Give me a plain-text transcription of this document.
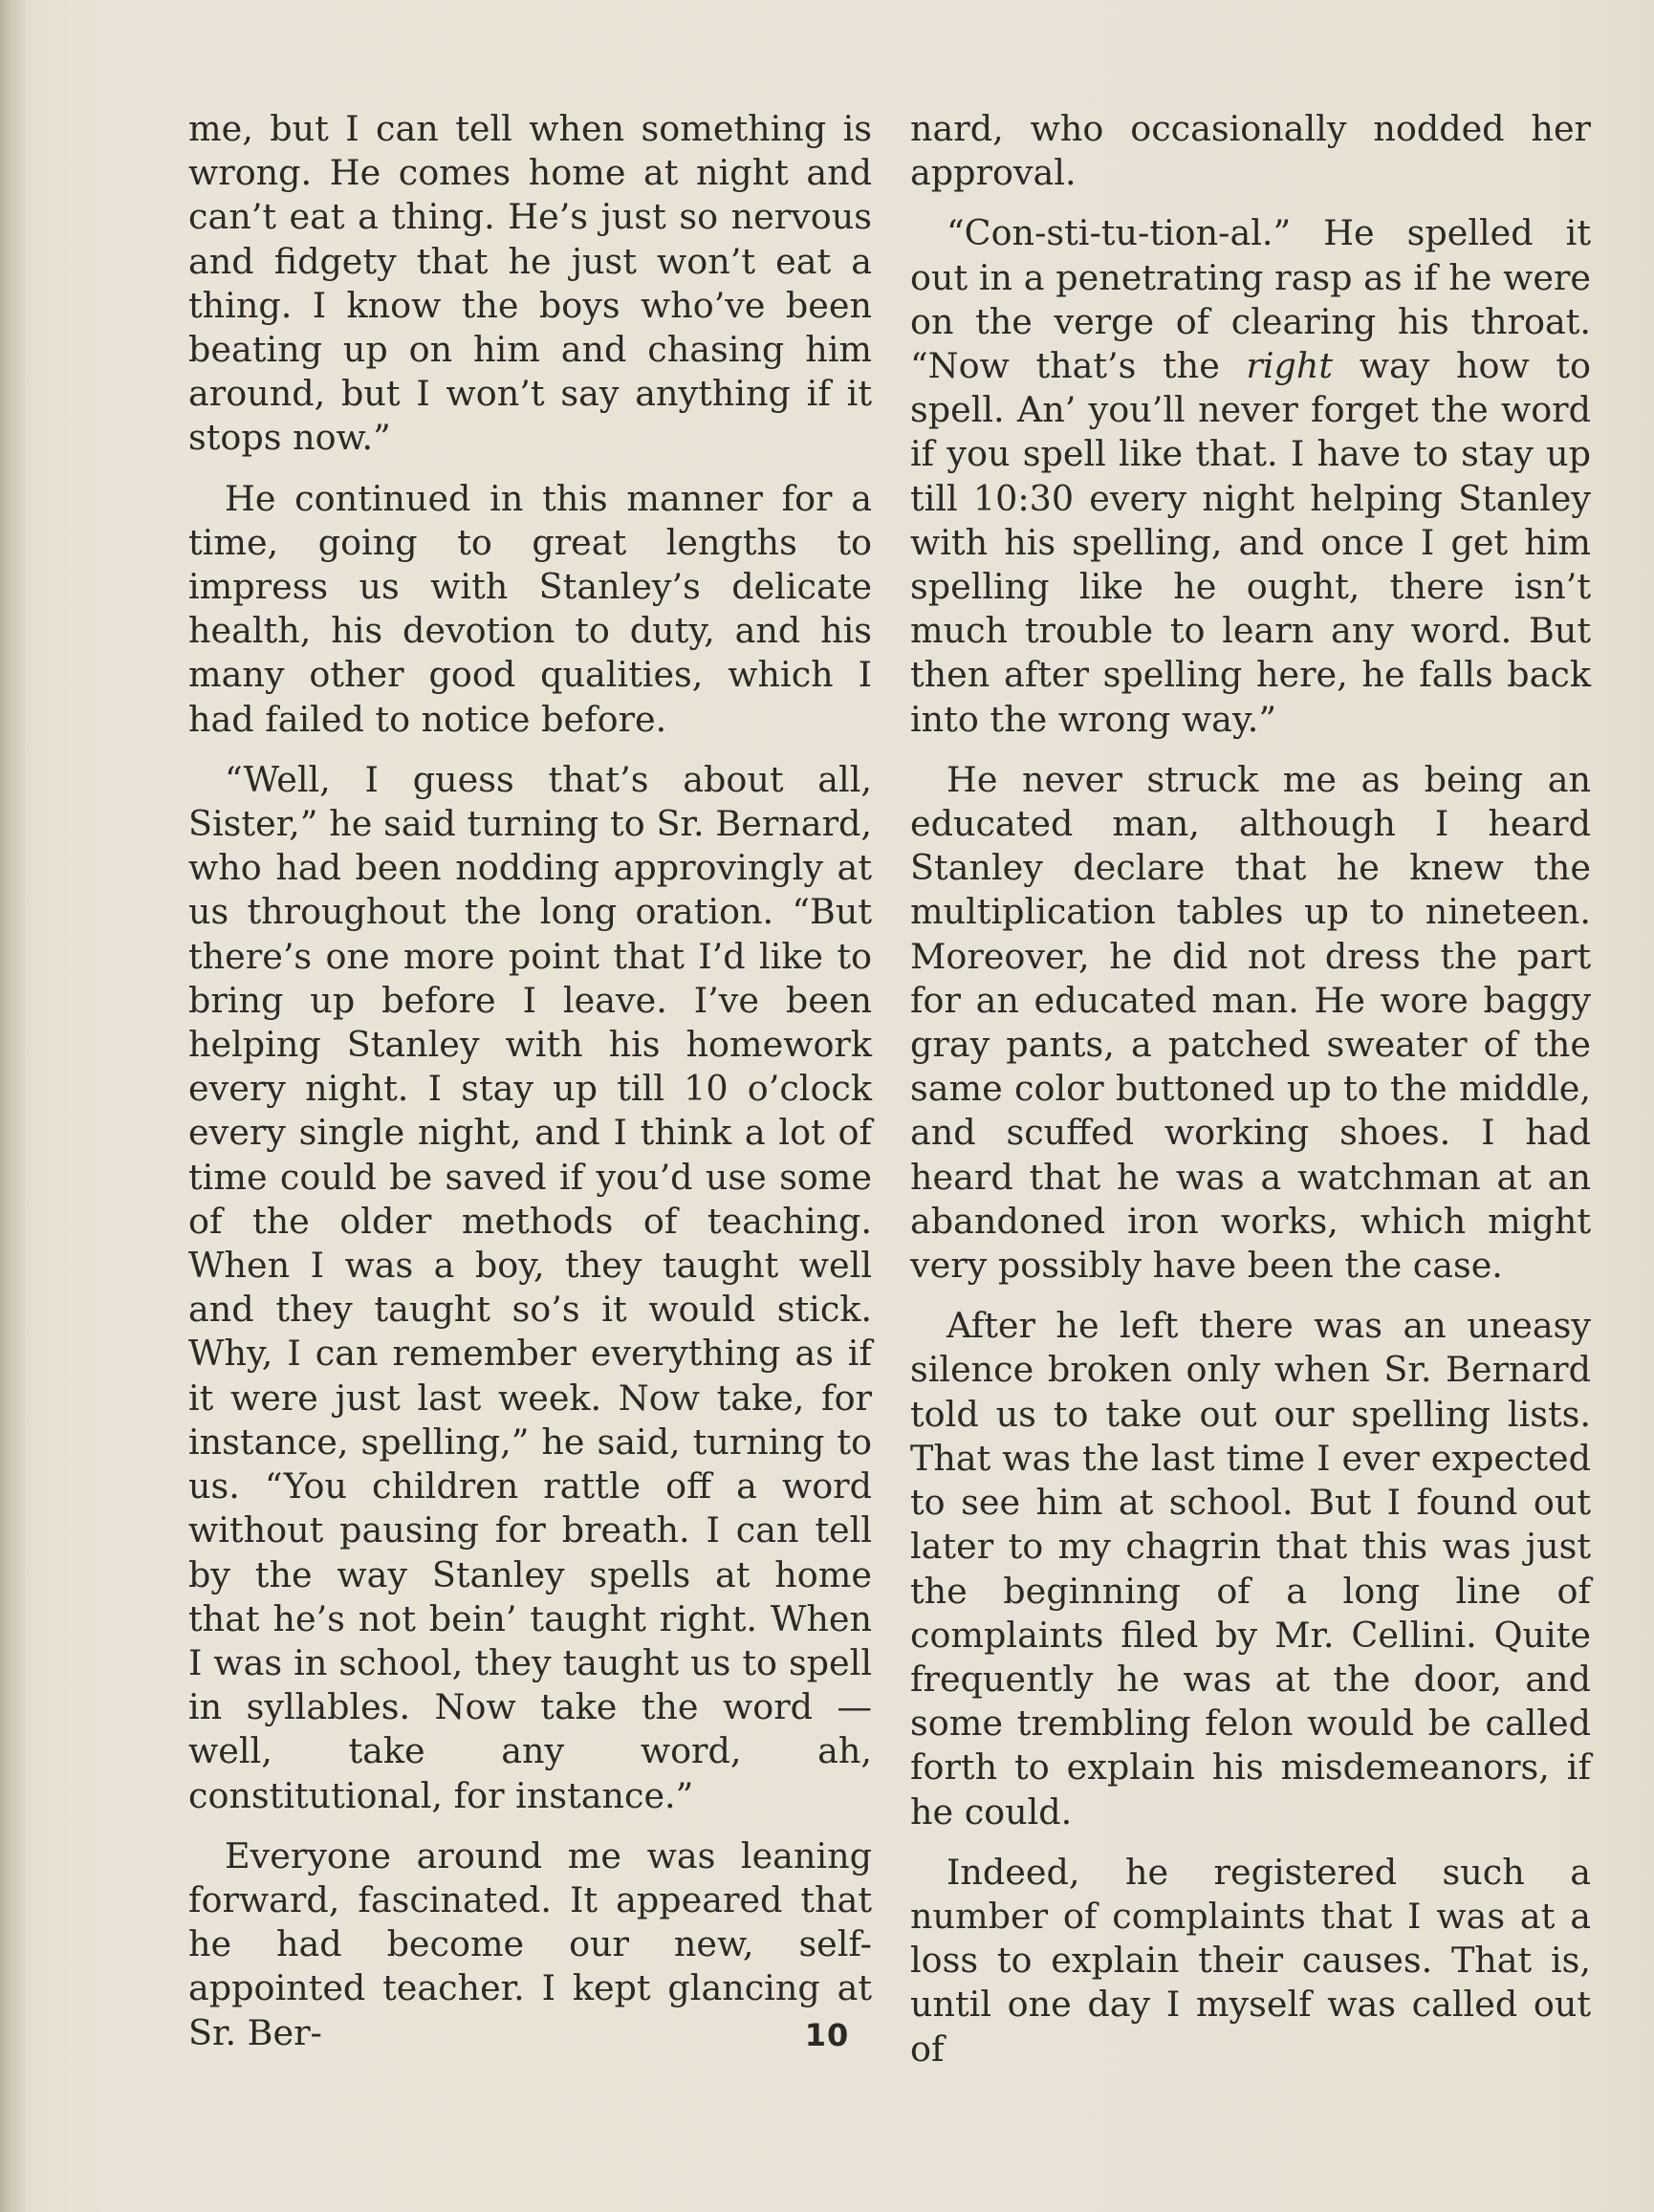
me, but I can tell when something is wrong. He comes home at night and can’t eat a thing. He’s just so nervous and fidgety that he just won’t eat a thing. I know the boys who’ve been beating up on him and chasing him around, but I won’t say anything if it stops now.”

He continued in this manner for a time, going to great lengths to impress us with Stanley’s delicate health, his devotion to duty, and his many other good qualities, which I had failed to notice before.

“Well, I guess that’s about all, Sister,” he said turning to Sr. Bernard, who had been nodding approvingly at us throughout the long oration. “But there’s one more point that I’d like to bring up before I leave. I’ve been helping Stanley with his homework every night. I stay up till 10 o’clock every single night, and I think a lot of time could be saved if you’d use some of the older methods of teaching. When I was a boy, they taught well and they taught so’s it would stick. Why, I can remember everything as if it were just last week. Now take, for instance, spelling,” he said, turning to us. “You children rattle off a word without pausing for breath. I can tell by the way Stanley spells at home that he’s not bein’ taught right. When I was in school, they taught us to spell in syllables. Now take the word — well, take any word, ah, constitutional, for instance.”

Everyone around me was leaning forward, fascinated. It appeared that he had become our new, self-appointed teacher. I kept glancing at Sr. Ber-

nard, who occasionally nodded her approval.

“Con-sti-tu-tion-al.” He spelled it out in a penetrating rasp as if he were on the verge of clearing his throat. “Now that’s the right way how to spell. An’ you’ll never forget the word if you spell like that. I have to stay up till 10:30 every night helping Stanley with his spelling, and once I get him spelling like he ought, there isn’t much trouble to learn any word. But then after spelling here, he falls back into the wrong way.”

He never struck me as being an educated man, although I heard Stanley declare that he knew the multiplication tables up to nineteen. Moreover, he did not dress the part for an educated man. He wore baggy gray pants, a patched sweater of the same color buttoned up to the middle, and scuffed working shoes. I had heard that he was a watchman at an abandoned iron works, which might very possibly have been the case.

After he left there was an uneasy silence broken only when Sr. Bernard told us to take out our spelling lists. That was the last time I ever expected to see him at school. But I found out later to my chagrin that this was just the beginning of a long line of complaints filed by Mr. Cellini. Quite frequently he was at the door, and some trembling felon would be called forth to explain his misdemeanors, if he could.

Indeed, he registered such a number of complaints that I was at a loss to explain their causes. That is, until one day I myself was called out of

10
